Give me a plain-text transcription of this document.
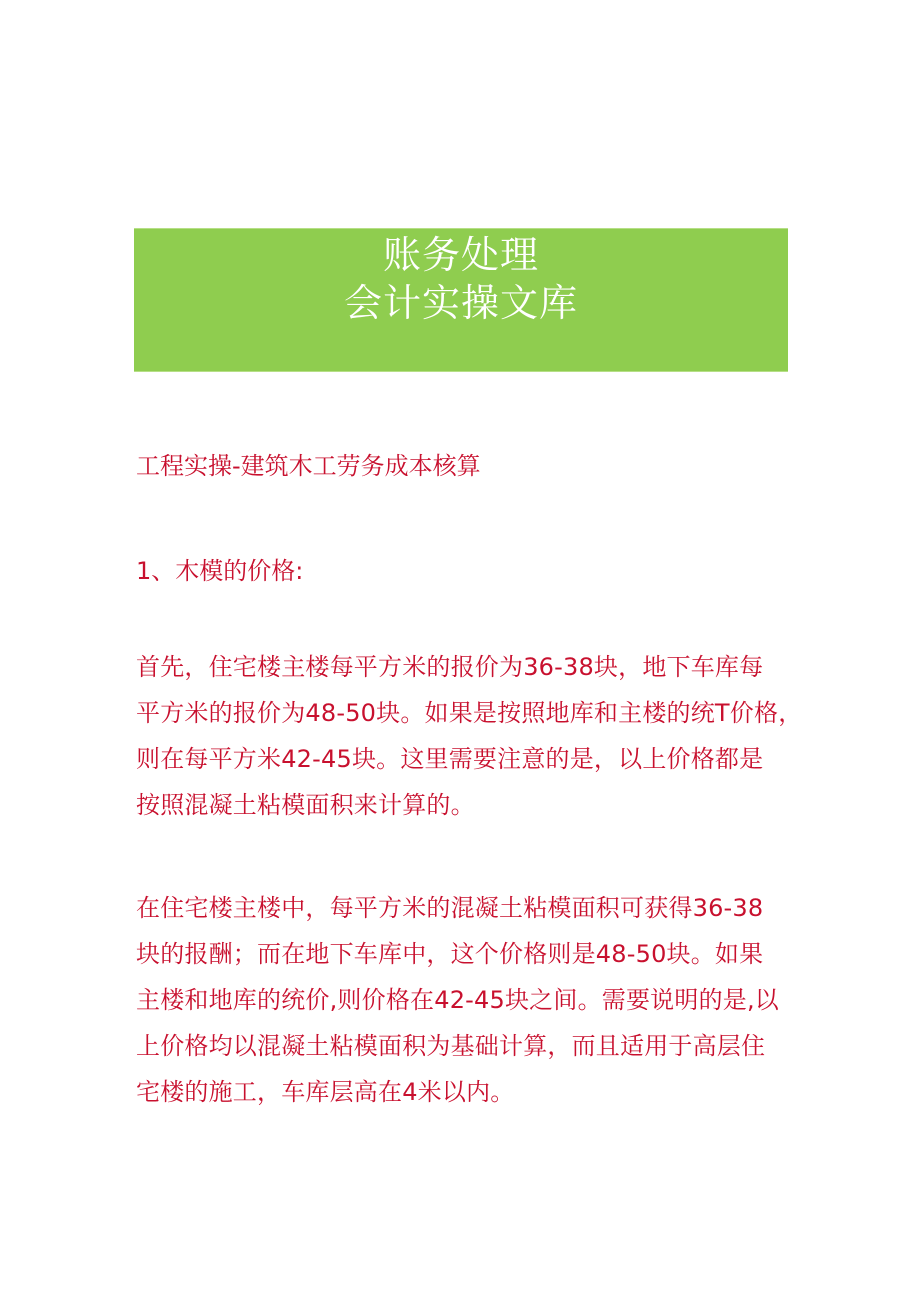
账务处理
会计实操文库
工程实操-建筑木工劳务成本核算
1、木模的价格:
首先，住宅楼主楼每平方米的报价为36-38块，地下车库每
平方米的报价为48-50块。如果是按照地库和主楼的统T价格，
则在每平方米42-45块。这里需要注意的是，以上价格都是
按照混凝土粘模面积来计算的。
在住宅楼主楼中，每平方米的混凝土粘模面积可获得36-38
块的报酬；而在地下车库中，这个价格则是48-50块。如果
主楼和地库的统价,则价格在42-45块之间。需要说明的是,以
上价格均以混凝土粘模面积为基础计算，而且适用于高层住
宅楼的施工，车库层高在4米以内。
